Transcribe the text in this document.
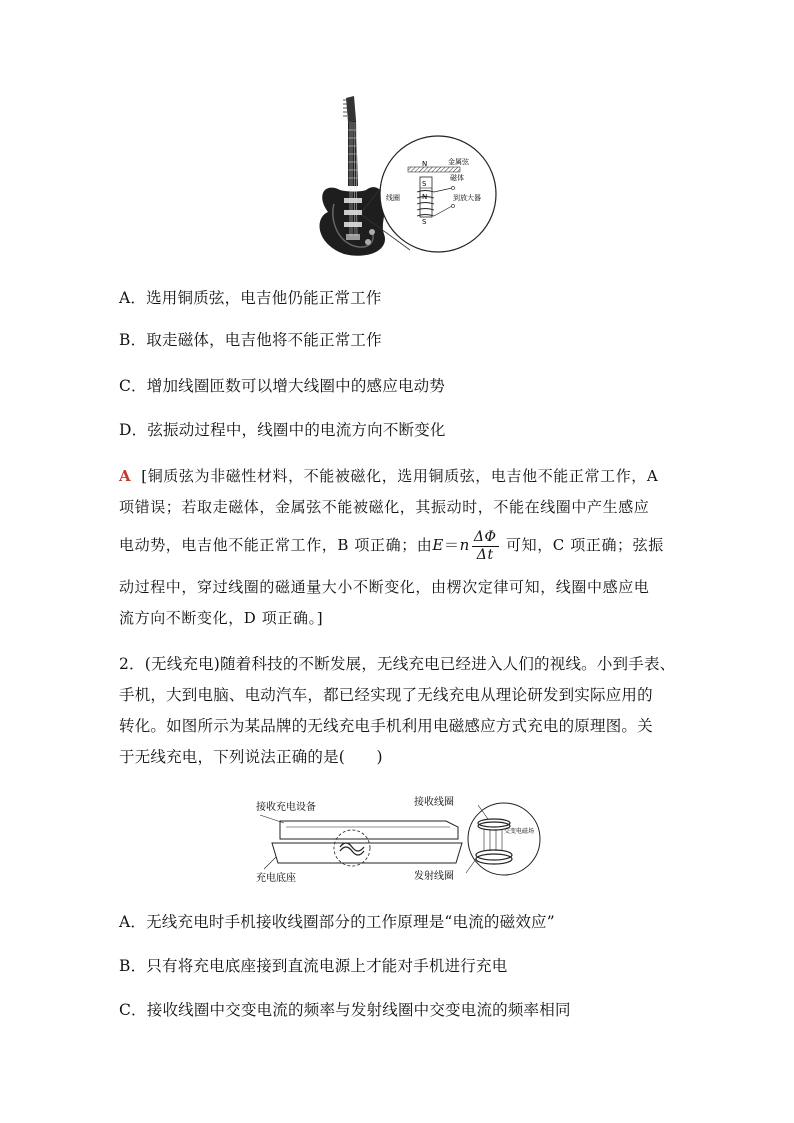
N
S
N
S
金属弦
磁体
线圈	到放大器
A．选用铜质弦，电吉他仍能正常工作
B．取走磁体，电吉他将不能正常工作
C．增加线圈匝数可以增大线圈中的感应电动势
D．弦振动过程中，线圈中的电流方向不断变化
A [铜质弦为非磁性材料，不能被磁化，选用铜质弦，电吉他不能正常工作，A
项错误；若取走磁体，金属弦不能被磁化，其振动时，不能在线圈中产生感应
电动势，电吉他不能正常工作，B 项正确；由$E=n \frac{\Delta\Phi}{\Delta t}$ 可知，C 项正确；弦振
动过程中，穿过线圈的磁通量大小不断变化，由楞次定律可知，线圈中感应电
流方向不断变化，D 项正确。]
2．(无线充电)随着科技的不断发展，无线充电已经进入人们的视线。小到手表、
手机，大到电脑、电动汽车，都已经实现了无线充电从理论研发到实际应用的
转化。如图所示为某品牌的无线充电手机利用电磁感应方式充电的原理图。关
于无线充电，下列说法正确的是(　　)
接收充电设备	接收线圈
交变电磁场
发射线圈
充电底座
A．无线充电时手机接收线圈部分的工作原理是“电流的磁效应”
B．只有将充电底座接到直流电源上才能对手机进行充电
C．接收线圈中交变电流的频率与发射线圈中交变电流的频率相同
